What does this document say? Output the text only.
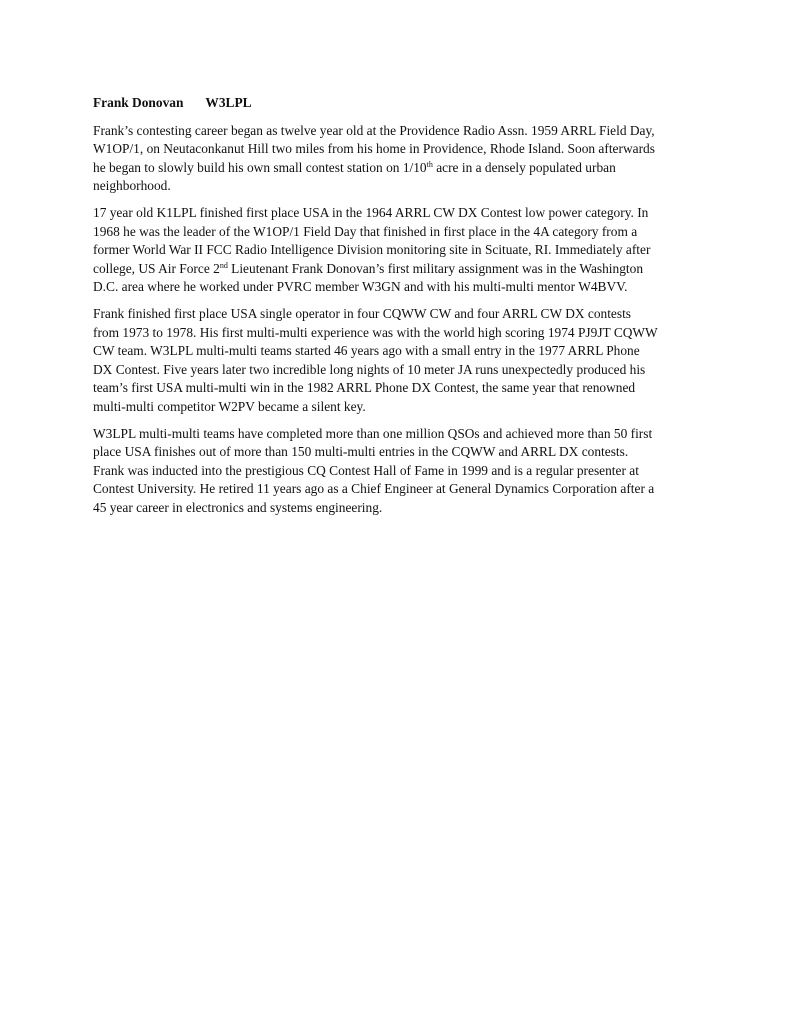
Frank Donovan W3LPL
Frank’s contesting career began as twelve year old at the Providence Radio Assn. 1959 ARRL Field Day,
W1OP/1, on Neutaconkanut Hill two miles from his home in Providence, Rhode Island. Soon afterwards
he began to slowly build his own small contest station on 1/10th acre in a densely populated urban
neighborhood.
17 year old K1LPL finished first place USA in the 1964 ARRL CW DX Contest low power category. In
1968 he was the leader of the W1OP/1 Field Day that finished in first place in the 4A category from a
former World War II FCC Radio Intelligence Division monitoring site in Scituate, RI. Immediately after
college, US Air Force 2nd Lieutenant Frank Donovan’s first military assignment was in the Washington
D.C. area where he worked under PVRC member W3GN and with his multi-multi mentor W4BVV.
Frank finished first place USA single operator in four CQWW CW and four ARRL CW DX contests
from 1973 to 1978. His first multi-multi experience was with the world high scoring 1974 PJ9JT CQWW
CW team. W3LPL multi-multi teams started 46 years ago with a small entry in the 1977 ARRL Phone
DX Contest. Five years later two incredible long nights of 10 meter JA runs unexpectedly produced his
team’s first USA multi-multi win in the 1982 ARRL Phone DX Contest, the same year that renowned
multi-multi competitor W2PV became a silent key.
W3LPL multi-multi teams have completed more than one million QSOs and achieved more than 50 first
place USA finishes out of more than 150 multi-multi entries in the CQWW and ARRL DX contests.
Frank was inducted into the prestigious CQ Contest Hall of Fame in 1999 and is a regular presenter at
Contest University. He retired 11 years ago as a Chief Engineer at General Dynamics Corporation after a
45 year career in electronics and systems engineering.
